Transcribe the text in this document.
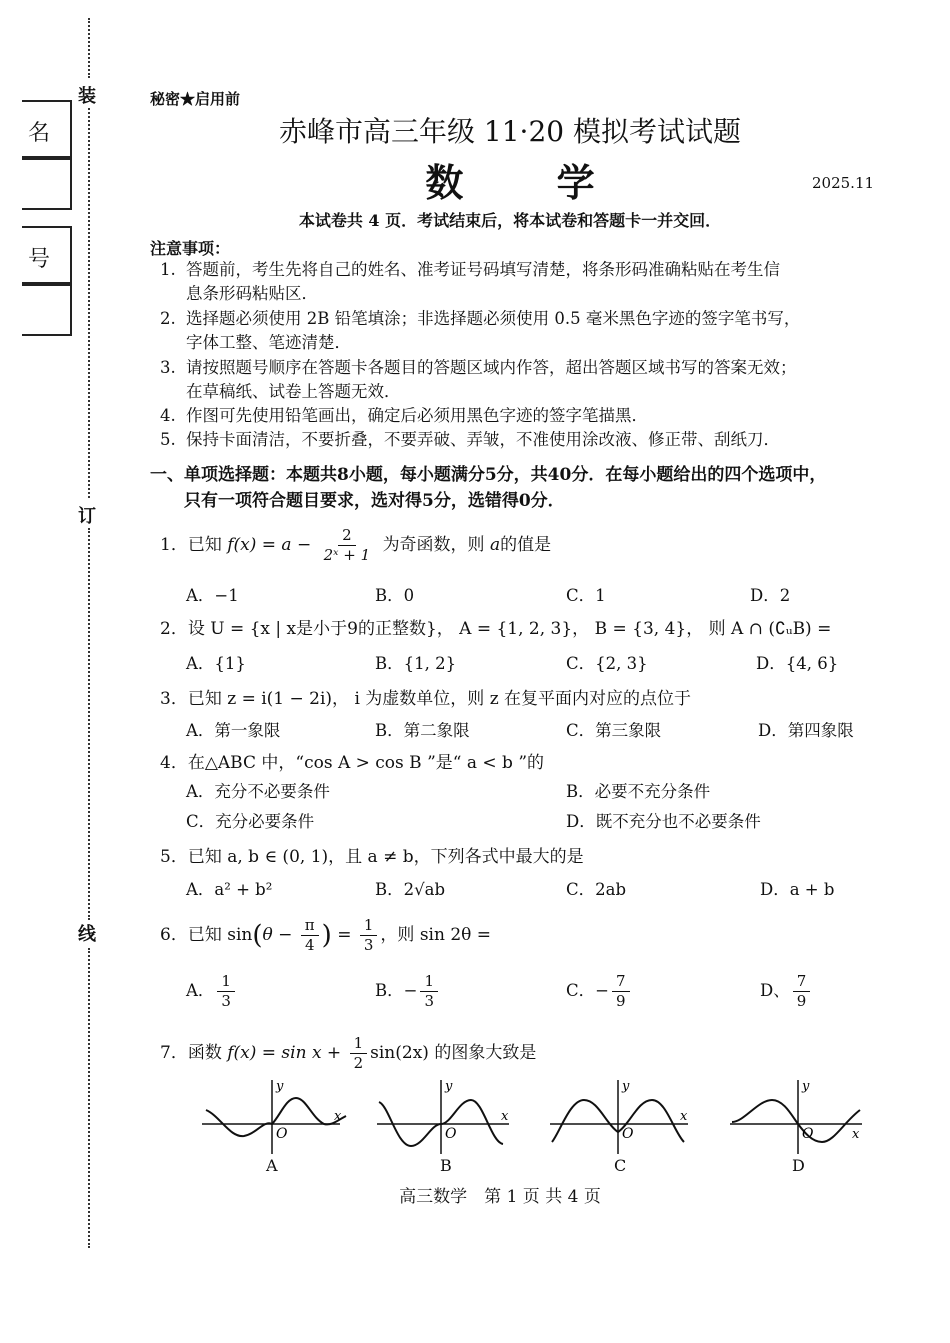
装
订
线
名
号
秘密★启用前
赤峰市高三年级 11·20 模拟考试试题
数 学	2025.11
本试卷共 4 页．考试结束后，将本试卷和答题卡一并交回．
注意事项：
1. 答题前，考生先将自己的姓名、准考证号码填写清楚，将条形码准确粘贴在考生信
息条形码粘贴区．
2. 选择题必须使用 2B 铅笔填涂；非选择题必须使用 0.5 毫米黑色字迹的签字笔书写，
字体工整、笔迹清楚．
3. 请按照题号顺序在答题卡各题目的答题区域内作答，超出答题区域书写的答案无效；
在草稿纸、试卷上答题无效．
4. 作图可先使用铅笔画出，确定后必须用黑色字迹的签字笔描黑．
5. 保持卡面清洁，不要折叠，不要弄破、弄皱，不准使用涂改液、修正带、刮纸刀．
一、单项选择题：本题共8小题，每小题满分5分，共40分．在每小题给出的四个选项中，
只有一项符合题目要求，选对得5分，选错得0分．
1．已知 $f(x) = a - \frac{2}{\text{2ˣ + 1}}$ 为奇函数，则 a的值是
A．−1	B．0	C．1	D．2
2．设 U = {x | x是小于9的正整数}， A = {1, 2, 3}， B = {3, 4}， 则 A ∩ (∁ᵤB) =
A．{1}	B．{1, 2}	C．{2, 3}	D．{4, 6}
3．已知 z = i(1 − 2i)， i 为虚数单位，则 z 在复平面内对应的点位于
A．第一象限	B．第二象限	C．第三象限	D．第四象限
4．在△ABC 中，“cos A > cos B ”是“ a < b ”的
A．充分不必要条件	B．必要不充分条件
C．充分必要条件	D．既不充分也不必要条件
5．已知 a, b ∈ (0, 1)，且 a ≠ b，下列各式中最大的是
A．a² + b²	B．2√ab	C．2ab	D．a + b
6．已知 $\sin(\theta - \frac{\pi}{4}$ ) = $\frac{1}{3}$ ，则 sin 2θ =
A． $\frac{1}{3}$	B．− $\frac{1}{3}$	C．− $\frac{7}{9}$	D、 $\frac{7}{9}$
7．函数 $f(x) = \sin x + \frac{1}{2} \sin(2x)$ 的图象大致是
y
x
O
y
x
O
y
x
O
y
x
O
A	B	C	D
高三数学　第 1 页 共 4 页
